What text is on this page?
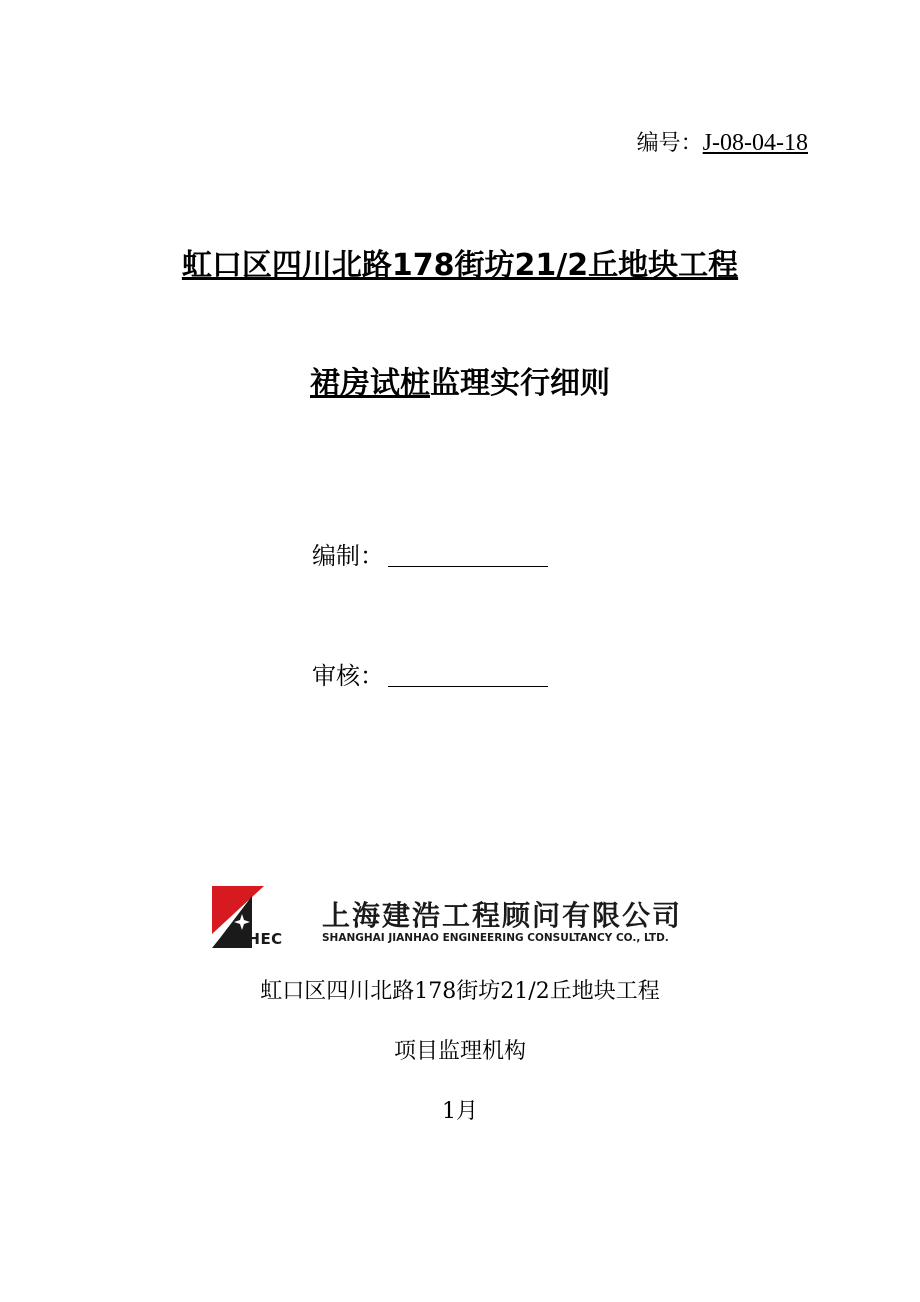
编号：J-08-04-18
虹口区四川北路178街坊21/2丘地块工程
裙房试桩监理实行细则
编制：
审核：
SJHEC
上海建浩工程顾问有限公司
SHANGHAI JIANHAO ENGINEERING CONSULTANCY CO., LTD.
虹口区四川北路178街坊21/2丘地块工程
项目监理机构
1月
